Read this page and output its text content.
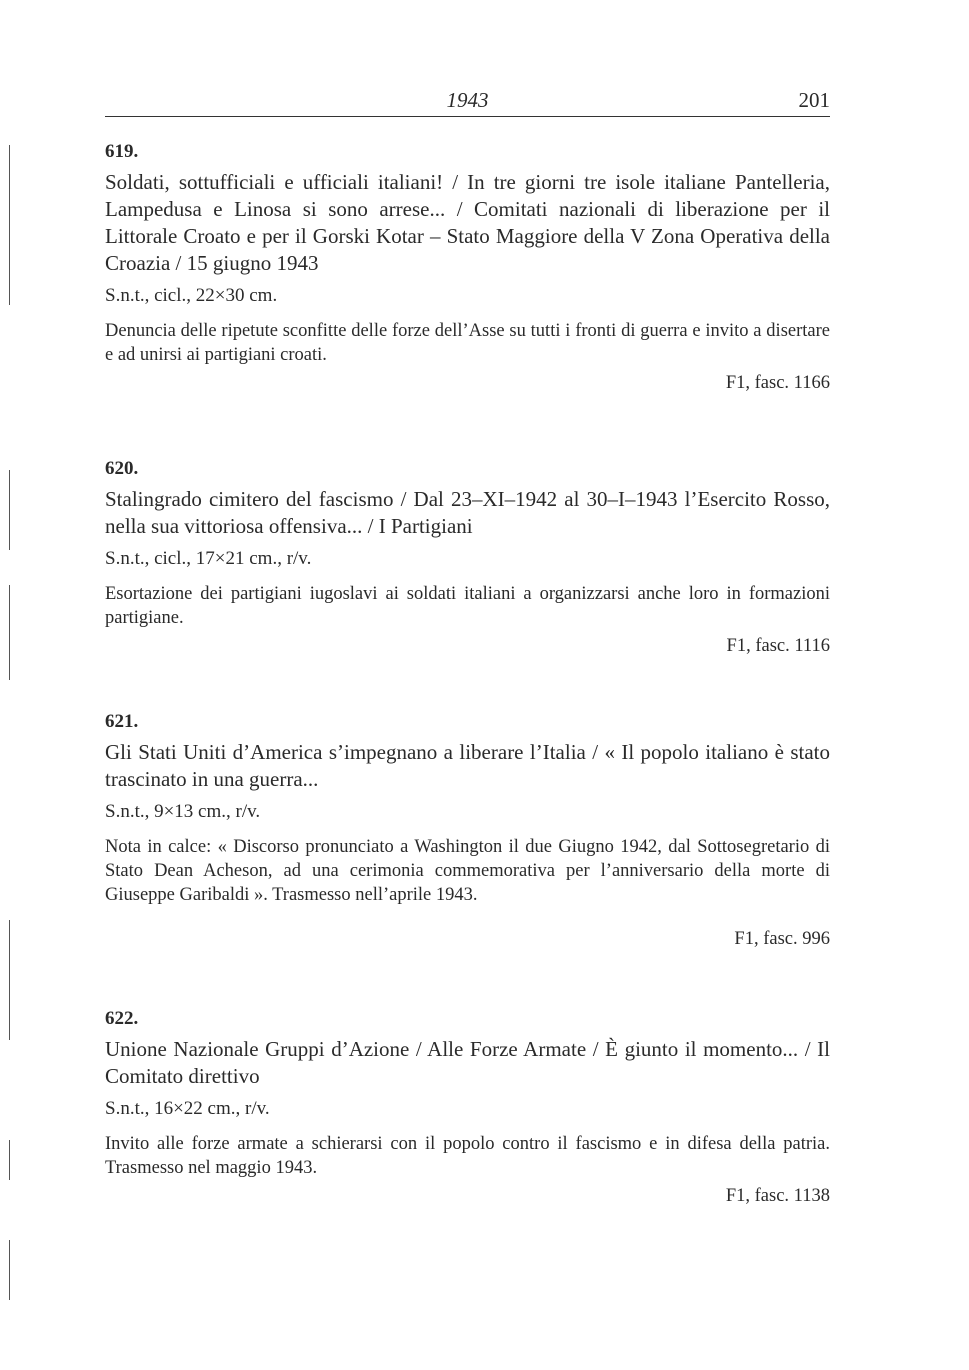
1943	201

619.

Soldati, sottufficiali e ufficiali italiani! / In tre giorni tre isole italiane Pantelleria, Lampedusa e Linosa si sono arrese... / Comitati nazionali di liberazione per il Littorale Croato e per il Gorski Kotar – Stato Maggiore della V Zona Operativa della Croazia / 15 giugno 1943

S.n.t., cicl., 22×30 cm.

Denuncia delle ripetute sconfitte delle forze dell’Asse su tutti i fronti di guerra e invito a disertare e ad unirsi ai partigiani croati.

F1, fasc. 1166

620.

Stalingrado cimitero del fascismo / Dal 23–XI–1942 al 30–I–1943 l’Esercito Rosso, nella sua vittoriosa offensiva... / I Partigiani

S.n.t., cicl., 17×21 cm., r/v.

Esortazione dei partigiani iugoslavi ai soldati italiani a organizzarsi anche loro in formazioni partigiane.

F1, fasc. 1116

621.

Gli Stati Uniti d’America s’impegnano a liberare l’Italia / « Il popolo italiano è stato trascinato in una guerra...

S.n.t., 9×13 cm., r/v.

Nota in calce: « Discorso pronunciato a Washington il due Giugno 1942, dal Sottosegretario di Stato Dean Acheson, ad una cerimonia commemorativa per l’anniversario della morte di Giuseppe Garibaldi ». Trasmesso nell’aprile 1943.

F1, fasc. 996

622.

Unione Nazionale Gruppi d’Azione / Alle Forze Armate / È giunto il momento... / Il Comitato direttivo

S.n.t., 16×22 cm., r/v.

Invito alle forze armate a schierarsi con il popolo contro il fascismo e in difesa della patria. Trasmesso nel maggio 1943.

F1, fasc. 1138
